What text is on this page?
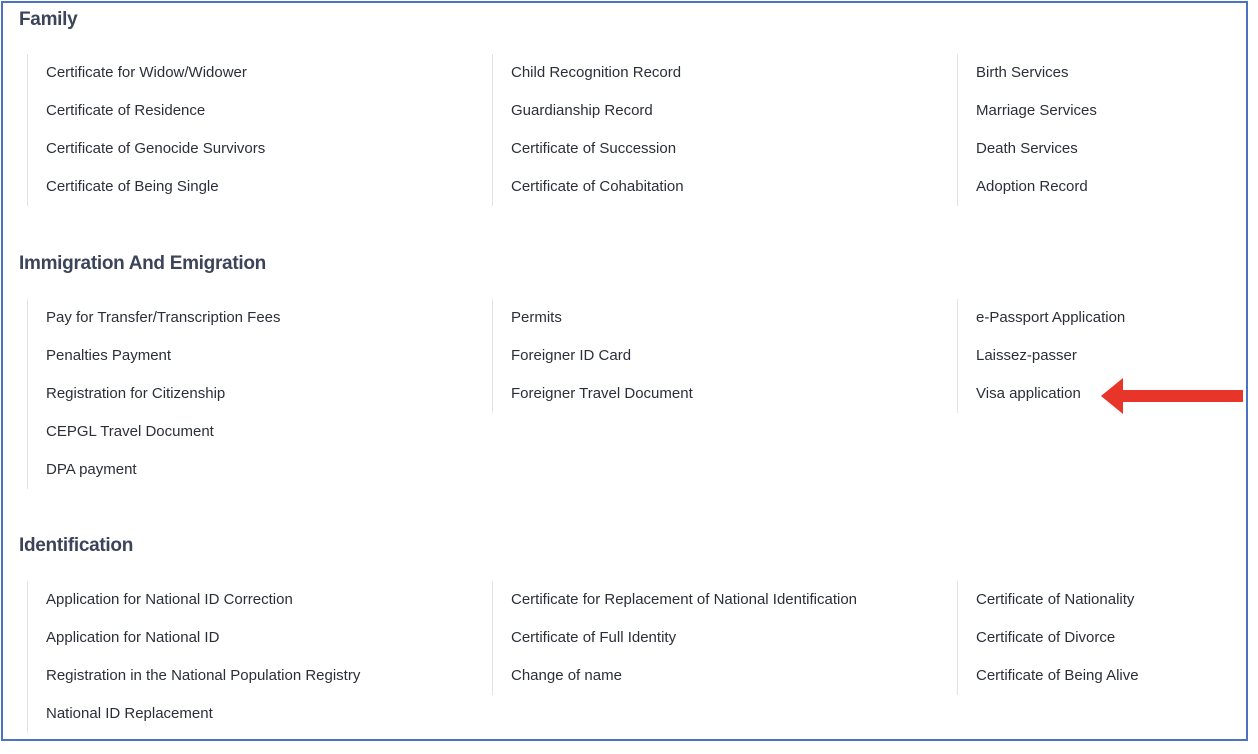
Family
Certificate for Widow/Widower
Certificate of Residence
Certificate of Genocide Survivors
Certificate of Being Single
Child Recognition Record
Guardianship Record
Certificate of Succession
Certificate of Cohabitation
Birth Services
Marriage Services
Death Services
Adoption Record
Immigration And Emigration
Pay for Transfer/Transcription Fees
Penalties Payment
Registration for Citizenship
CEPGL Travel Document
DPA payment
Permits
Foreigner ID Card
Foreigner Travel Document
e-Passport Application
Laissez-passer
Visa application
Identification
Application for National ID Correction
Application for National ID
Registration in the National Population Registry
National ID Replacement
Certificate for Replacement of National Identification
Certificate of Full Identity
Change of name
Certificate of Nationality
Certificate of Divorce
Certificate of Being Alive
